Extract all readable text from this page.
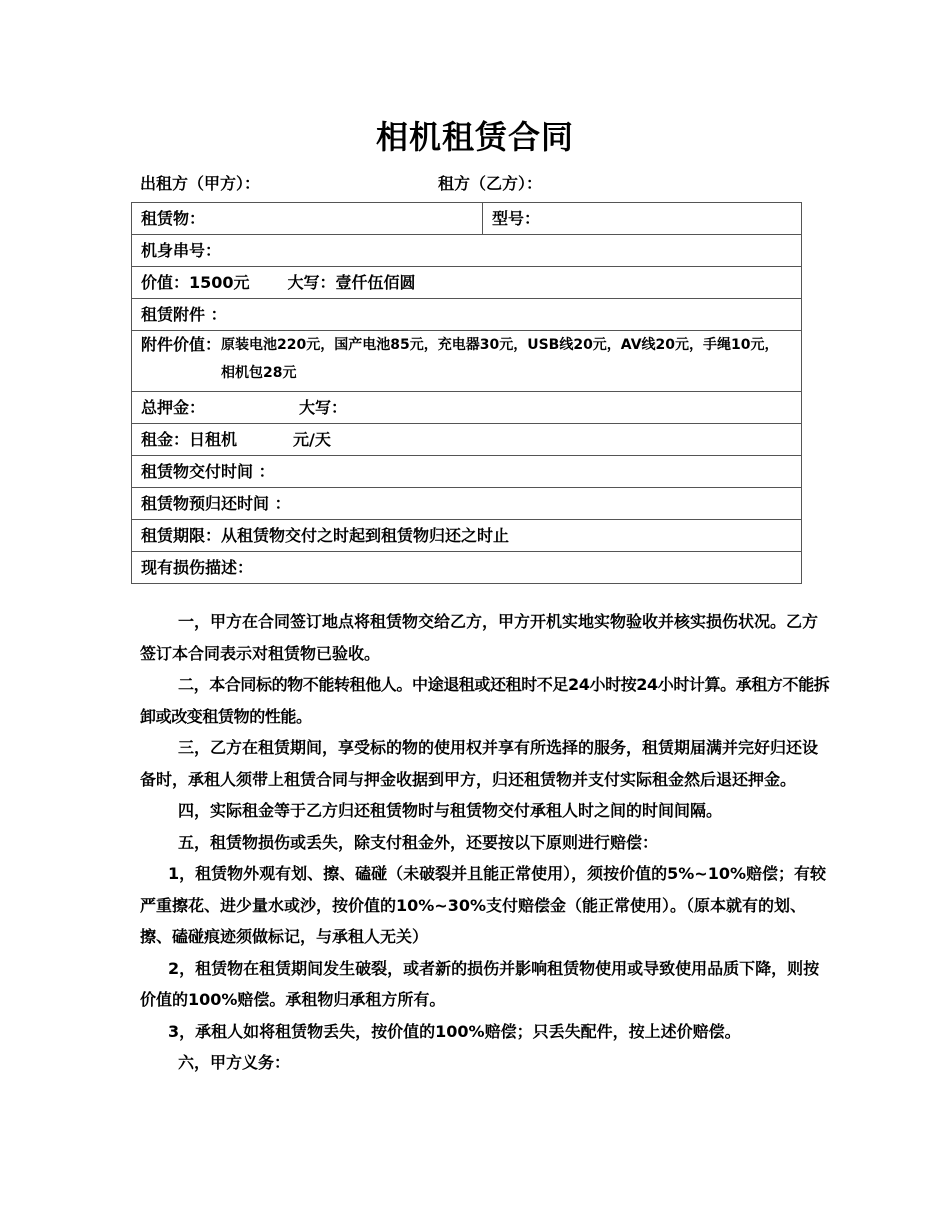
相机租赁合同
出租方（甲方）：	租方（乙方）：
租赁物：	型号：
机身串号：
价值：1500元 大写：壹仟伍佰圆
租赁附件 ：

附件价值： 原装电池220元，国产电池85元，充电器30元，USB线20元，AV线20元，手绳10元，相机包28元

总押金：	大写：
租金：日租机	元/天
租赁物交付时间 ：
租赁物预归还时间 ：
租赁期限：从租赁物交付之时起到租赁物归还之时止
现有损伤描述：

一，甲方在合同签订地点将租赁物交给乙方，甲方开机实地实物验收并核实损伤状况。乙方签订本合同表示对租赁物已验收。

二，本合同标的物不能转租他人。中途退租或还租时不足24小时按24小时计算。承租方不能拆卸或改变租赁物的性能。

三，乙方在租赁期间，享受标的物的使用权并享有所选择的服务，租赁期届满并完好归还设备时，承租人须带上租赁合同与押金收据到甲方，归还租赁物并支付实际租金然后退还押金。

四，实际租金等于乙方归还租赁物时与租赁物交付承租人时之间的时间间隔。

五，租赁物损伤或丢失，除支付租金外，还要按以下原则进行赔偿：

1，租赁物外观有划、擦、磕碰（未破裂并且能正常使用），须按价值的5%~10%赔偿；有较严重擦花、进少量水或沙，按价值的10%~30%支付赔偿金（能正常使用）。（原本就有的划、擦、磕碰痕迹须做标记，与承租人无关）

2，租赁物在租赁期间发生破裂，或者新的损伤并影响租赁物使用或导致使用品质下降，则按价值的100%赔偿。承租物归承租方所有。

3，承租人如将租赁物丢失，按价值的100%赔偿；只丢失配件，按上述价赔偿。

六，甲方义务：
